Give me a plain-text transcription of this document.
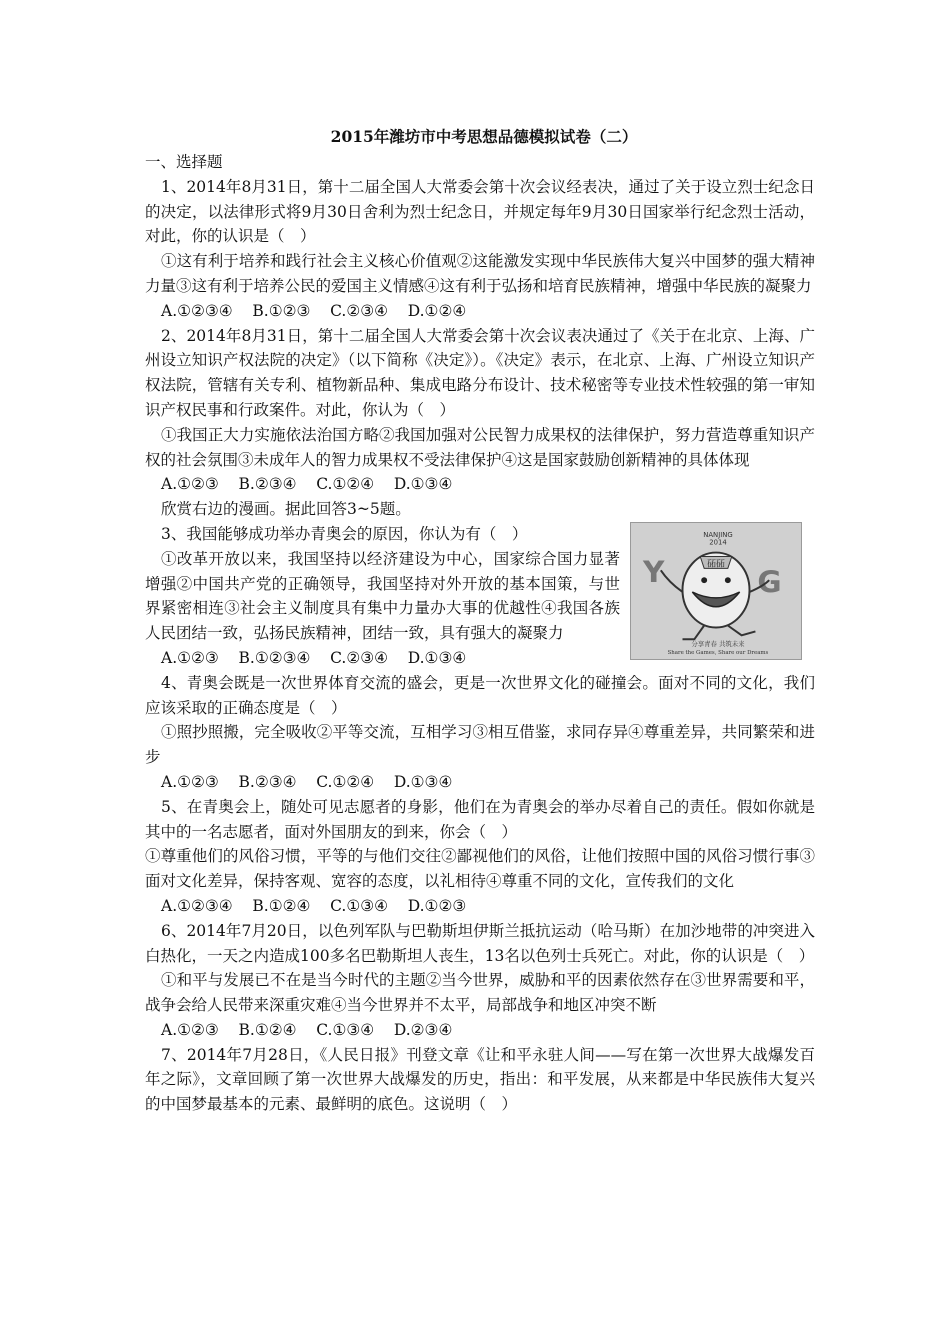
2015年潍坊市中考思想品德模拟试卷（二）

一、选择题

1、2014年8月31日，第十二届全国人大常委会第十次会议经表决，通过了关于设立烈士纪念日的决定，以法律形式将9月30日舍利为烈士纪念日，并规定每年9月30日国家举行纪念烈士活动，对此，你的认识是（　）

①这有利于培养和践行社会主义核心价值观②这能激发实现中华民族伟大复兴中国梦的强大精神力量③这有利于培养公民的爱国主义情感④这有利于弘扬和培育民族精神，增强中华民族的凝聚力

A.①②③④    B.①②③    C.②③④    D.①②④

2、2014年8月31日，第十二届全国人大常委会第十次会议表决通过了《关于在北京、上海、广州设立知识产权法院的决定》（以下简称《决定》）。《决定》表示，在北京、上海、广州设立知识产权法院，管辖有关专利、植物新品种、集成电路分布设计、技术秘密等专业技术性较强的第一审知识产权民事和行政案件。对此，你认为（　）

①我国正大力实施依法治国方略②我国加强对公民智力成果权的法律保护，努力营造尊重知识产权的社会氛围③未成年人的智力成果权不受法律保护④这是国家鼓励创新精神的具体体现

A.①②③    B.②③④    C.①②④    D.①③④

欣赏右边的漫画。据此回答3~5题。

3、我国能够成功举办青奥会的原因，你认为有（　）

①改革开放以来，我国坚持以经济建设为中心，国家综合国力显著增强②中国共产党的正确领导，我国坚持对外开放的基本国策，与世界紧密相连③社会主义制度具有集中力量办大事的优越性④我国各族人民团结一致，弘扬民族精神，团结一致，具有强大的凝聚力

NANJING
2014
Y	G
砳砳
分享青春 共筑未来
Share the Games, Share our Dreams

A.①②③    B.①②③④    C.②③④    D.①③④

4、青奥会既是一次世界体育交流的盛会，更是一次世界文化的碰撞会。面对不同的文化，我们应该采取的正确态度是（　）

①照抄照搬，完全吸收②平等交流，互相学习③相互借鉴，求同存异④尊重差异，共同繁荣和进步

A.①②③    B.②③④    C.①②④    D.①③④

5、在青奥会上，随处可见志愿者的身影，他们在为青奥会的举办尽着自己的责任。假如你就是其中的一名志愿者，面对外国朋友的到来，你会（　）

①尊重他们的风俗习惯，平等的与他们交往②鄙视他们的风俗，让他们按照中国的风俗习惯行事③面对文化差异，保持客观、宽容的态度，以礼相待④尊重不同的文化，宣传我们的文化

A.①②③④    B.①②④    C.①③④    D.①②③

6、2014年7月20日，以色列军队与巴勒斯坦伊斯兰抵抗运动（哈马斯）在加沙地带的冲突进入白热化，一天之内造成100多名巴勒斯坦人丧生，13名以色列士兵死亡。对此，你的认识是（　）

①和平与发展已不在是当今时代的主题②当今世界，威胁和平的因素依然存在③世界需要和平，战争会给人民带来深重灾难④当今世界并不太平，局部战争和地区冲突不断

A.①②③    B.①②④    C.①③④    D.②③④

7、2014年7月28日，《人民日报》刊登文章《让和平永驻人间——写在第一次世界大战爆发百年之际》，文章回顾了第一次世界大战爆发的历史，指出：和平发展，从来都是中华民族伟大复兴的中国梦最基本的元素、最鲜明的底色。这说明（　）
